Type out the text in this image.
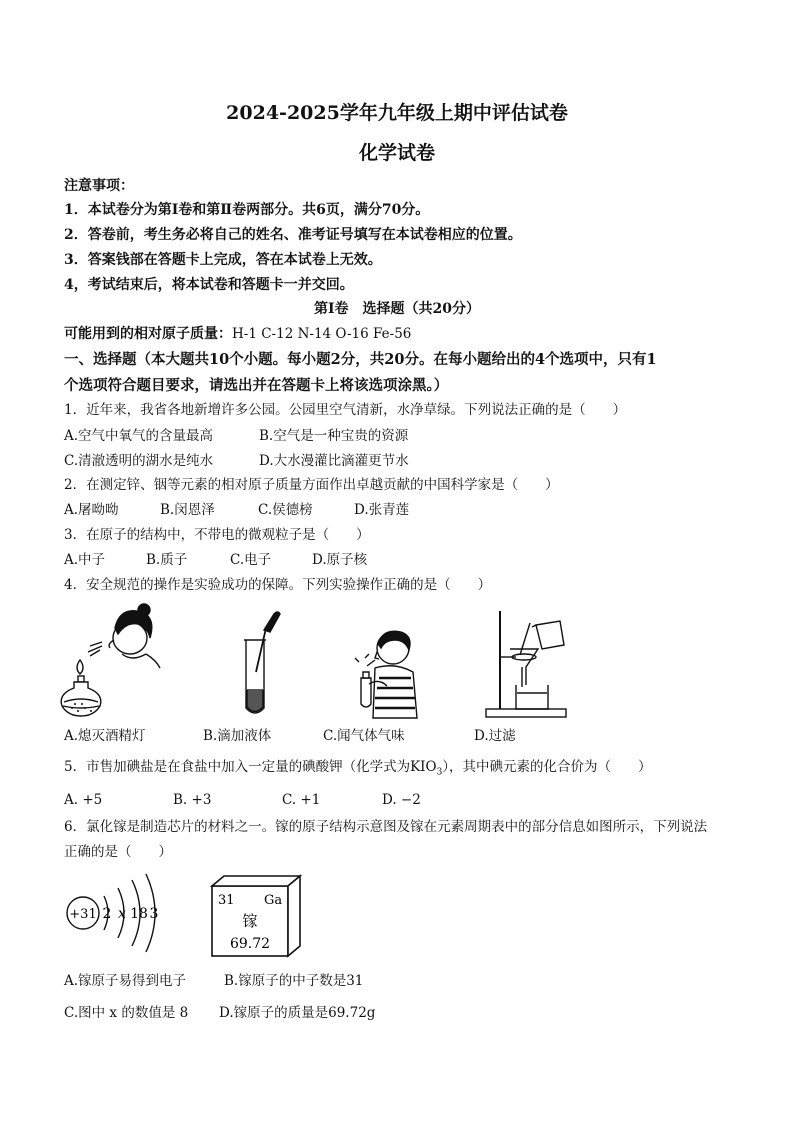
2024-2025学年九年级上期中评估试卷
化学试卷
注意事项：
1．本试卷分为第Ⅰ卷和第Ⅱ卷两部分。共6页，满分70分。
2．答卷前，考生务必将自己的姓名、准考证号填写在本试卷相应的位置。
3．答案钱部在答题卡上完成，答在本试卷上无效。
4，考试结束后，将本试卷和答题卡一并交回。
第Ⅰ卷　选择题（共20分）
可能用到的相对原子质量：H-1 C-12 N-14 O-16 Fe-56
一、选择题（本大题共10个小题。每小题2分，共20分。在每小题给出的4个选项中，只有1
个选项符合题目要求，请选出并在答题卡上将该选项涂黑。）
1．近年来，我省各地新增许多公园。公园里空气清新，水净草绿。下列说法正确的是（　　）
A.空气中氧气的含量最高	B.空气是一种宝贵的资源
C.清澈透明的湖水是纯水	D.大水漫灌比滴灌更节水
2．在测定锌、铟等元素的相对原子质量方面作出卓越贡献的中国科学家是（　　）
A.屠呦呦	B.闵恩泽	C.侯德榜	D.张青莲
3．在原子的结构中，不带电的微观粒子是（　　）
A.中子	B.质子	C.电子	D.原子核
4．安全规范的操作是实验成功的保障。下列实验操作正确的是（　　）
A.熄灭酒精灯	B.滴加液体	C.闻气体气味	D.过滤
5．市售加碘盐是在食盐中加入一定量的碘酸钾（化学式为$KIO_3$），其中碘元素的化合价为（　　）
A. +5	B. +3	C. +1	D. −2
6．氯化镓是制造芯片的材料之一。镓的原子结构示意图及镓在元素周期表中的部分信息如图所示，下列说法
正确的是（　　）
+31 2 x 18 3
31 Ga
镓
69.72
A.镓原子易得到电子	B.镓原子的中子数是31
C.图中 x 的数值是 8 D.镓原子的质量是69.72g
